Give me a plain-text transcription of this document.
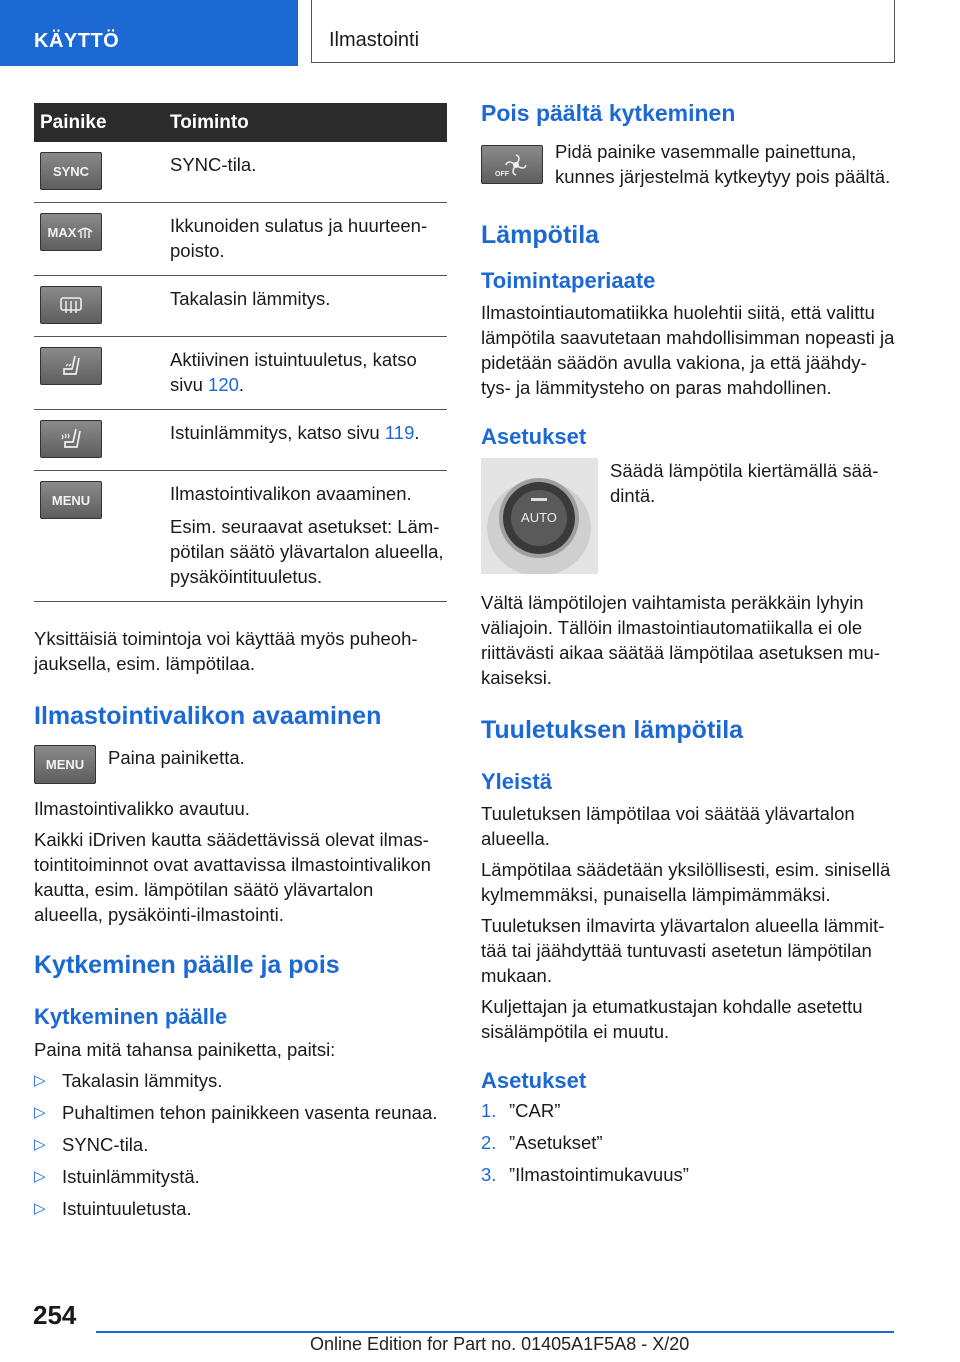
KÄYTTÖ	Ilmastointi
Painike	Toiminto

SYNC	SYNC-tila.

MAX	Ikkunoiden sulatus ja huurteen-poisto.

	Takalasin lämmitys.

	Aktiivinen istuintuuletus, katso sivu 120.

	Istuinlämmitys, katso sivu 119.

MENU	Ilmastointivalikon avaaminen.
Esim. seuraavat asetukset: Läm-pötilan säätö ylävartalon alueella, pysäköintituuletus.

Yksittäisiä toimintoja voi käyttää myös puheoh-jauksella, esim. lämpötilaa.

Ilmastointivalikon avaaminen
MENU	Paina painiketta.

Ilmastointivalikko avautuu.

Kaikki iDriven kautta säädettävissä olevat ilmas-tointitoiminnot ovat avattavissa ilmastointivalikon kautta, esim. lämpötilan säätö ylävartalon alueella, pysäköinti-ilmastointi.

Kytkeminen päälle ja pois
Kytkeminen päälle

Paina mitä tahansa painiketta, paitsi:

▷ Takalasin lämmitys.
▷ Puhaltimen tehon painikkeen vasenta reunaa.
▷ SYNC-tila.
▷ Istuinlämmitystä.
▷ Istuintuuletusta.
Pois päältä kytkeminen
OFF

Pidä painike vasemmalle painettuna, kunnes järjestelmä kytkeytyy pois päältä.

Lämpötila
Toimintaperiaate

Ilmastointiautomatiikka huolehtii siitä, että valittu lämpötila saavutetaan mahdollisimman nopeasti ja pidetään säädön avulla vakiona, ja että jäähdy-tys- ja lämmitysteho on paras mahdollinen.

Asetukset
AUTO

Säädä lämpötila kiertämällä sää-dintä.

Vältä lämpötilojen vaihtamista peräkkäin lyhyin väliajoin. Tällöin ilmastointiautomatiikalla ei ole riittävästi aikaa säätää lämpötilaa asetuksen mu-kaiseksi.

Tuuletuksen lämpötila
Yleistä

Tuuletuksen lämpötilaa voi säätää ylävartalon alueella.

Lämpötilaa säädetään yksilöllisesti, esim. sinisellä kylmemmäksi, punaisella lämpimämmäksi.

Tuuletuksen ilmavirta ylävartalon alueella lämmit-tää tai jäähdyttää tuntuvasti asetetun lämpötilan mukaan.

Kuljettajan ja etumatkustajan kohdalle asetettu sisälämpötila ei muutu.

Asetukset
1. ”CAR”
2. ”Asetukset”
3. ”Ilmastointimukavuus”
254
Online Edition for Part no. 01405A1F5A8 - X/20
